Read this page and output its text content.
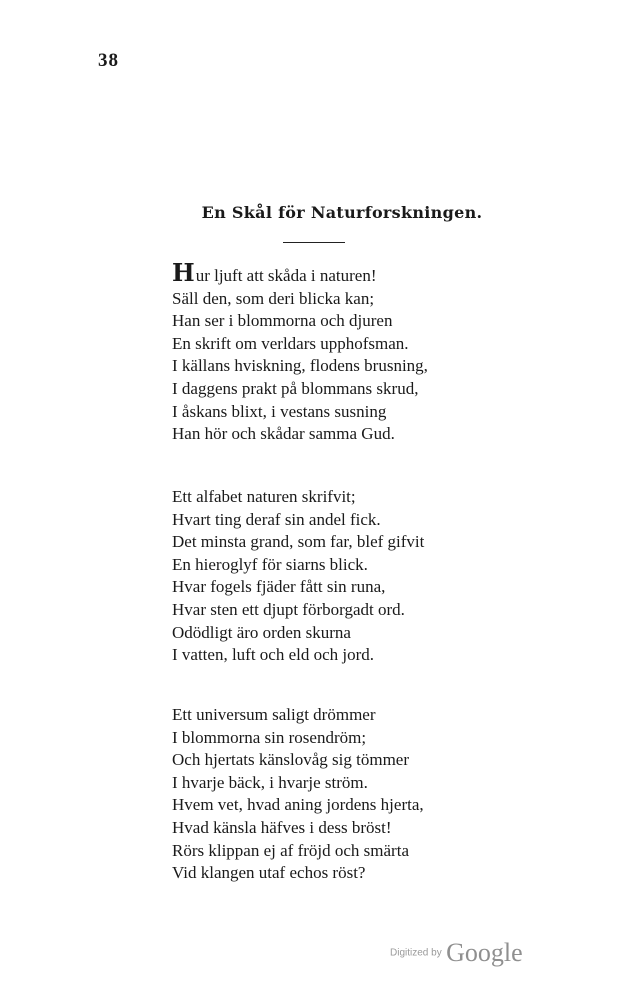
38
En Skål för Naturforskningen.
Hur ljuft att skåda i naturen!
Säll den, som deri blicka kan;
Han ser i blommorna och djuren
En skrift om verldars upphofsman.
I källans hviskning, flodens brusning,
I daggens prakt på blommans skrud,
I åskans blixt, i vestans susning
Han hör och skådar samma Gud.
Ett alfabet naturen skrifvit;
Hvart ting deraf sin andel fick.
Det minsta grand, som far, blef gifvit
En hieroglyf för siarns blick.
Hvar fogels fjäder fått sin runa,
Hvar sten ett djupt förborgadt ord.
Odödligt äro orden skurna
I vatten, luft och eld och jord.
Ett universum saligt drömmer
I blommorna sin rosendröm;
Och hjertats känslovåg sig tömmer
I hvarje bäck, i hvarje ström.
Hvem vet, hvad aning jordens hjerta,
Hvad känsla häfves i dess bröst!
Rörs klippan ej af fröjd och smärta
Vid klangen utaf echos röst?
Digitized by Google
